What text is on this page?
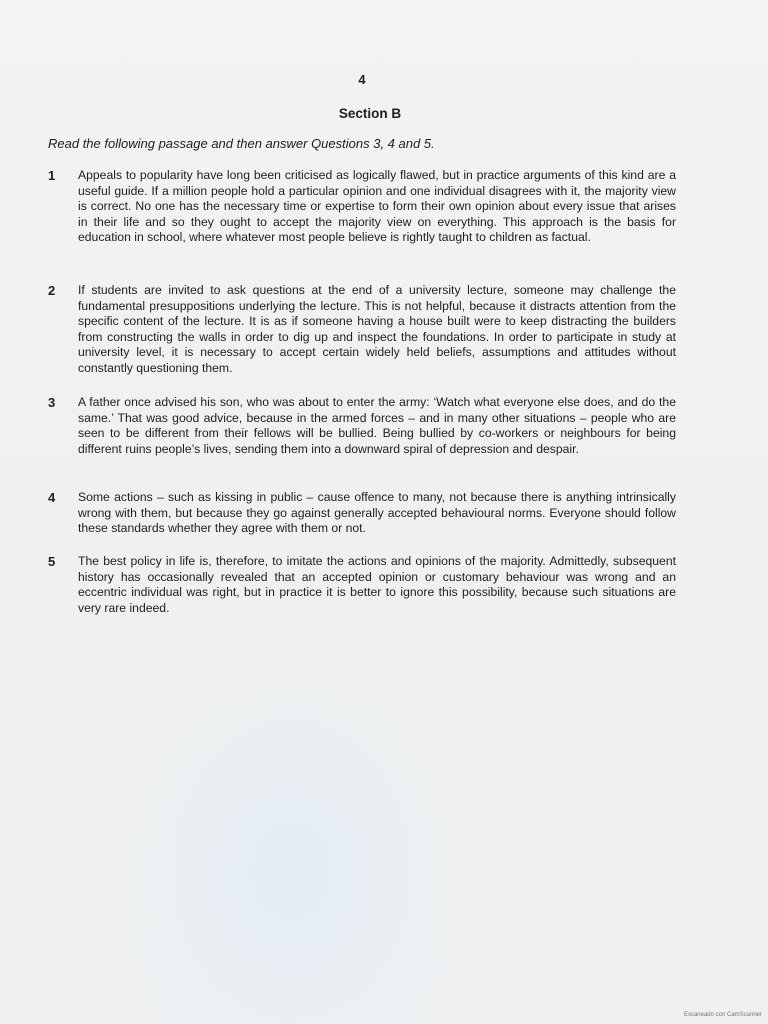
4
Section B
Read the following passage and then answer Questions 3, 4 and 5.
1 Appeals to popularity have long been criticised as logically flawed, but in practice arguments of this kind are a useful guide. If a million people hold a particular opinion and one individual disagrees with it, the majority view is correct. No one has the necessary time or expertise to form their own opinion about every issue that arises in their life and so they ought to accept the majority view on everything. This approach is the basis for education in school, where whatever most people believe is rightly taught to children as factual.
2 If students are invited to ask questions at the end of a university lecture, someone may challenge the fundamental presuppositions underlying the lecture. This is not helpful, because it distracts attention from the specific content of the lecture. It is as if someone having a house built were to keep distracting the builders from constructing the walls in order to dig up and inspect the foundations. In order to participate in study at university level, it is necessary to accept certain widely held beliefs, assumptions and attitudes without constantly questioning them.
3 A father once advised his son, who was about to enter the army: ‘Watch what everyone else does, and do the same.’ That was good advice, because in the armed forces – and in many other situations – people who are seen to be different from their fellows will be bullied. Being bullied by co-workers or neighbours for being different ruins people’s lives, sending them into a downward spiral of depression and despair.
4 Some actions – such as kissing in public – cause offence to many, not because there is anything intrinsically wrong with them, but because they go against generally accepted behavioural norms. Everyone should follow these standards whether they agree with them or not.
5 The best policy in life is, therefore, to imitate the actions and opinions of the majority. Admittedly, subsequent history has occasionally revealed that an accepted opinion or customary behaviour was wrong and an eccentric individual was right, but in practice it is better to ignore this possibility, because such situations are very rare indeed.
Escaneado con CamScanner
